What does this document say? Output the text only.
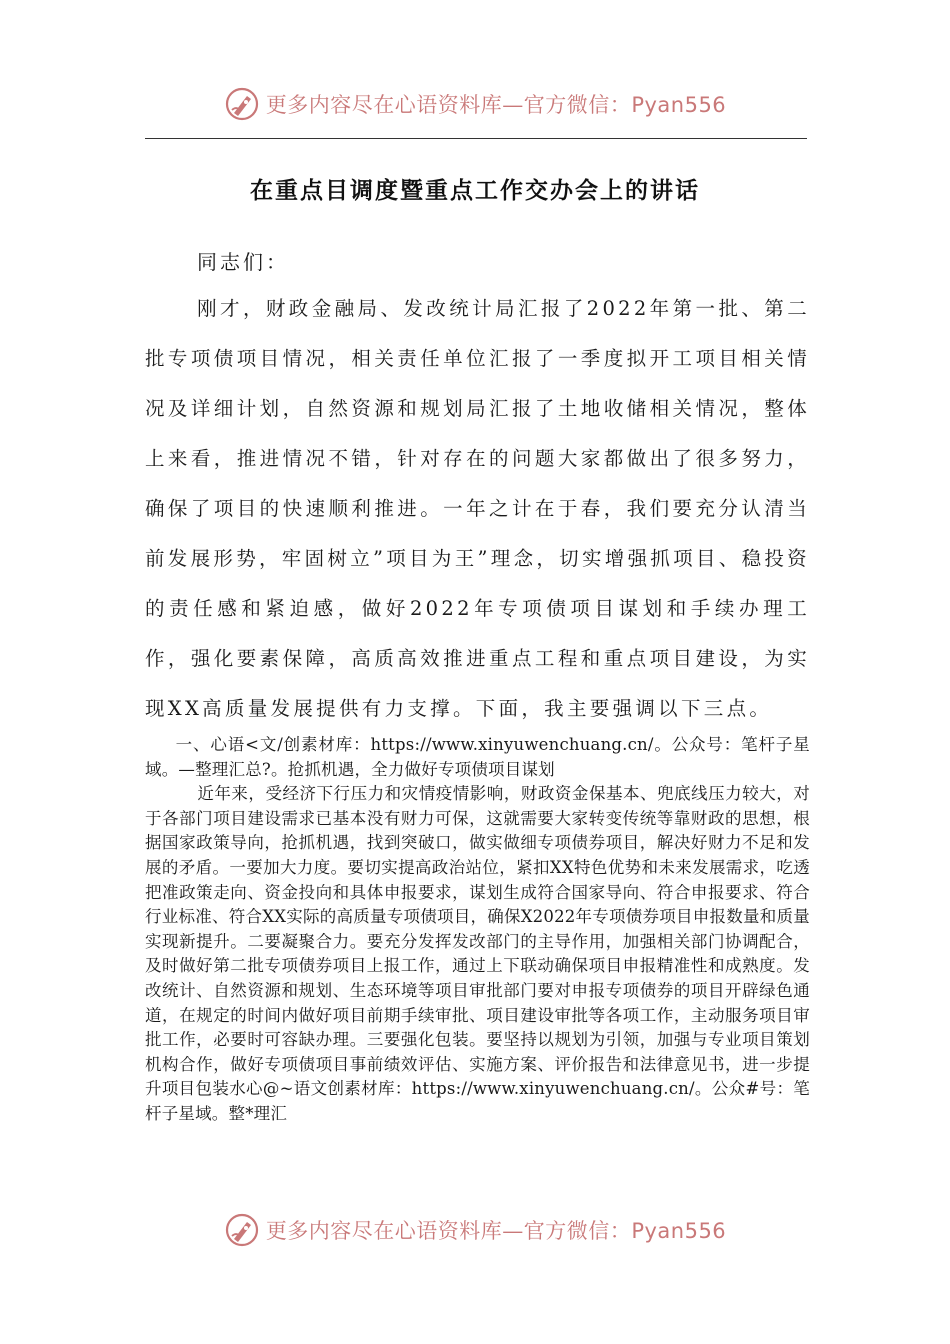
更多内容尽在心语资料库—官方微信：Pyan556
在重点目调度暨重点工作交办会上的讲话
同志们：

刚才，财政金融局、发改统计局汇报了2022年第一批、第二批专项债项目情况，相关责任单位汇报了一季度拟开工项目相关情况及详细计划，自然资源和规划局汇报了土地收储相关情况，整体上来看，推进情况不错，针对存在的问题大家都做出了很多努力，确保了项目的快速顺利推进。一年之计在于春，我们要充分认清当前发展形势，牢固树立”项目为王”理念，切实增强抓项目、稳投资的责任感和紧迫感，做好2022年专项债项目谋划和手续办理工作，强化要素保障，高质高效推进重点工程和重点项目建设，为实现XX高质量发展提供有力支撑。下面，我主要强调以下三点。

一、心语<文/创素材库：https://www.xinyuwenchuang.cn/。公众号：笔杆子星域。—整理汇总?。抢抓机遇，全力做好专项债项目谋划

近年来，受经济下行压力和灾情疫情影响，财政资金保基本、兜底线压力较大，对于各部门项目建设需求已基本没有财力可保，这就需要大家转变传统等靠财政的思想，根据国家政策导向，抢抓机遇，找到突破口，做实做细专项债券项目，解决好财力不足和发展的矛盾。一要加大力度。要切实提高政治站位，紧扣XX特色优势和未来发展需求，吃透把准政策走向、资金投向和具体申报要求，谋划生成符合国家导向、符合申报要求、符合行业标准、符合XX实际的高质量专项债项目，确保X2022年专项债券项目申报数量和质量实现新提升。二要凝聚合力。要充分发挥发改部门的主导作用，加强相关部门协调配合，及时做好第二批专项债券项目上报工作，通过上下联动确保项目申报精准性和成熟度。发改统计、自然资源和规划、生态环境等项目审批部门要对申报专项债券的项目开辟绿色通道，在规定的时间内做好项目前期手续审批、项目建设审批等各项工作，主动服务项目审批工作，必要时可容缺办理。三要强化包装。要坚持以规划为引领，加强与专业项目策划机构合作，做好专项债项目事前绩效评估、实施方案、评价报告和法律意见书，进一步提升项目包装水心@~语文创素材库：https://www.xinyuwenchuang.cn/。公众#号：笔杆子星域。整*理汇

更多内容尽在心语资料库—官方微信：Pyan556
